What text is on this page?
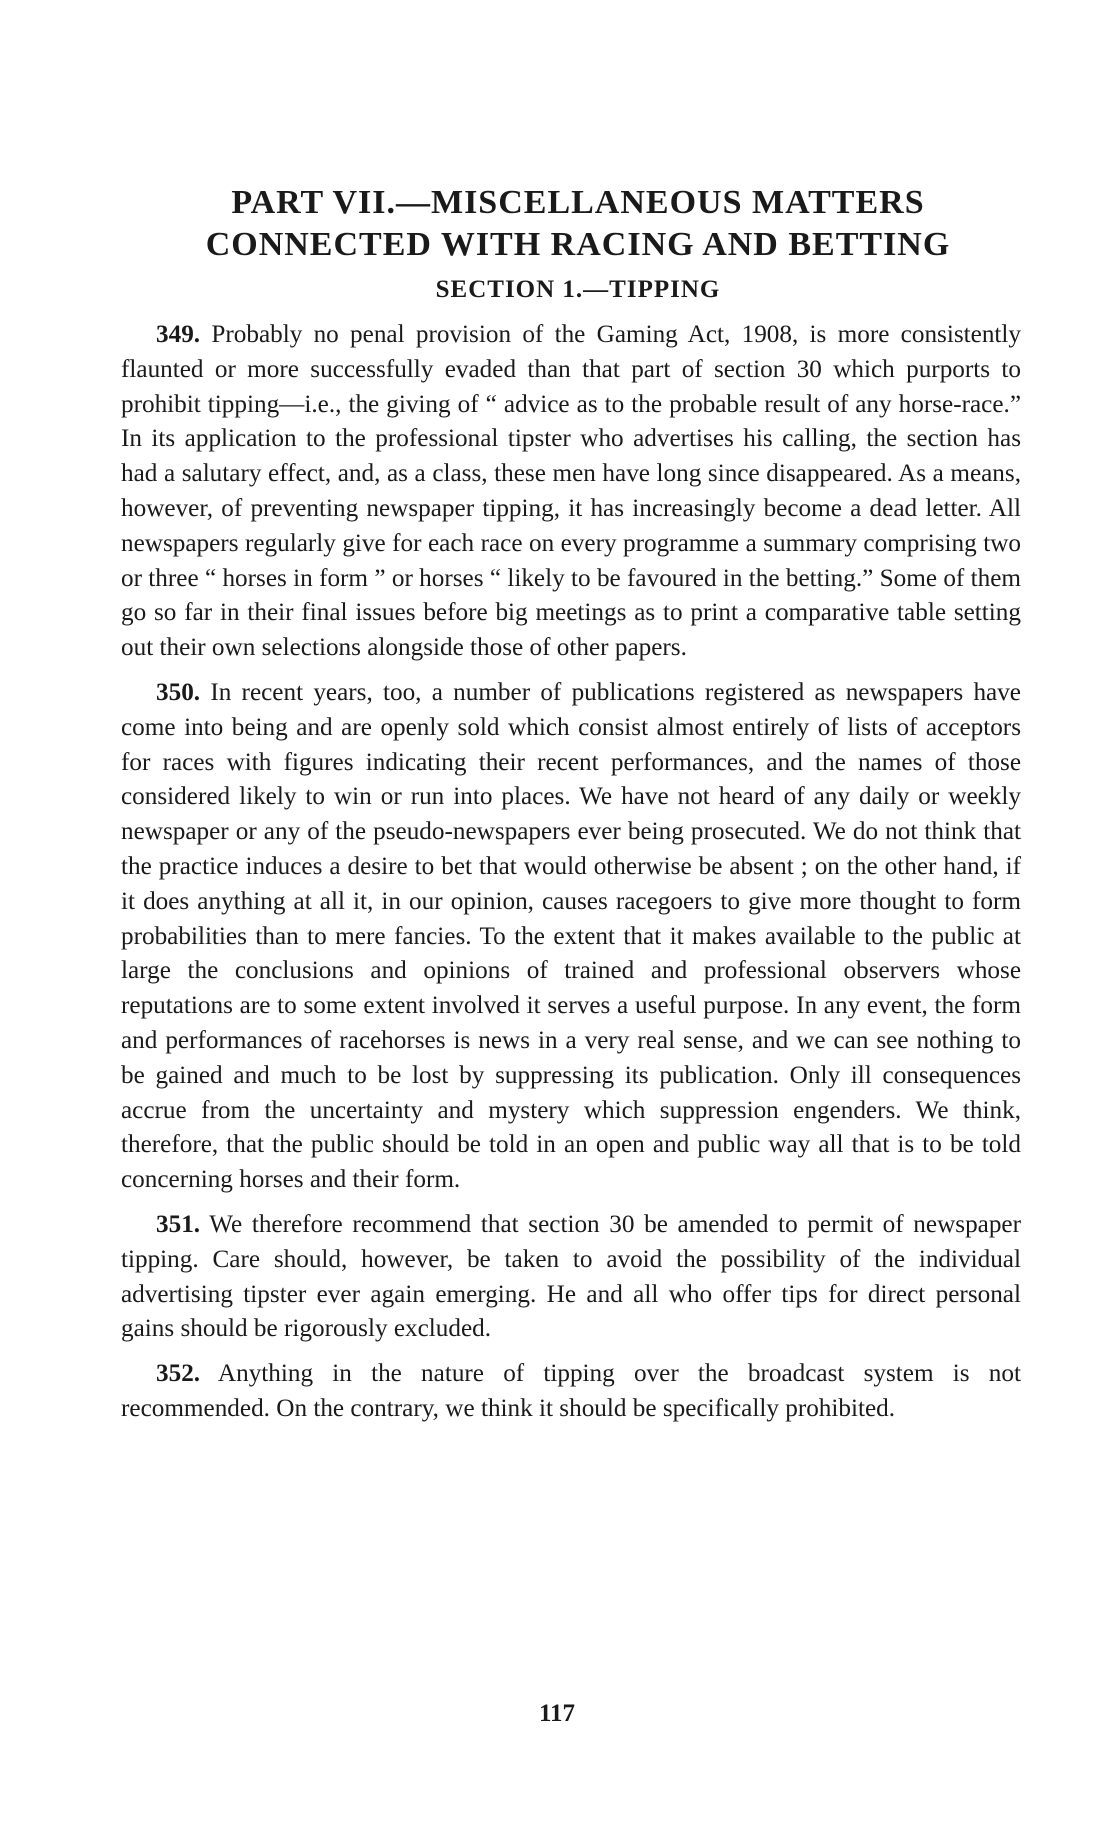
PART VII.—MISCELLANEOUS MATTERS
CONNECTED WITH RACING AND BETTING
SECTION 1.—TIPPING

349. Probably no penal provision of the Gaming Act, 1908, is more consistently flaunted or more successfully evaded than that part of section 30 which purports to prohibit tipping—i.e., the giving of “ advice as to the probable result of any horse-race.” In its application to the professional tipster who advertises his calling, the section has had a salutary effect, and, as a class, these men have long since disappeared. As a means, however, of preventing newspaper tipping, it has increasingly become a dead letter. All newspapers regularly give for each race on every programme a summary comprising two or three “ horses in form ” or horses “ likely to be favoured in the betting.” Some of them go so far in their final issues before big meetings as to print a comparative table setting out their own selections alongside those of other papers.

350. In recent years, too, a number of publications registered as newspapers have come into being and are openly sold which consist almost entirely of lists of acceptors for races with figures indicating their recent performances, and the names of those considered likely to win or run into places. We have not heard of any daily or weekly newspaper or any of the pseudo-newspapers ever being prosecuted. We do not think that the practice induces a desire to bet that would otherwise be absent ; on the other hand, if it does anything at all it, in our opinion, causes racegoers to give more thought to form probabilities than to mere fancies. To the extent that it makes available to the public at large the conclusions and opinions of trained and professional observers whose reputations are to some extent involved it serves a useful purpose. In any event, the form and performances of racehorses is news in a very real sense, and we can see nothing to be gained and much to be lost by suppressing its publication. Only ill consequences accrue from the uncertainty and mystery which suppression engenders. We think, therefore, that the public should be told in an open and public way all that is to be told concerning horses and their form.

351. We therefore recommend that section 30 be amended to permit of newspaper tipping. Care should, however, be taken to avoid the possibility of the individual advertising tipster ever again emerging. He and all who offer tips for direct personal gains should be rigorously excluded.

352. Anything in the nature of tipping over the broadcast system is not recommended. On the contrary, we think it should be specifically prohibited.

117
